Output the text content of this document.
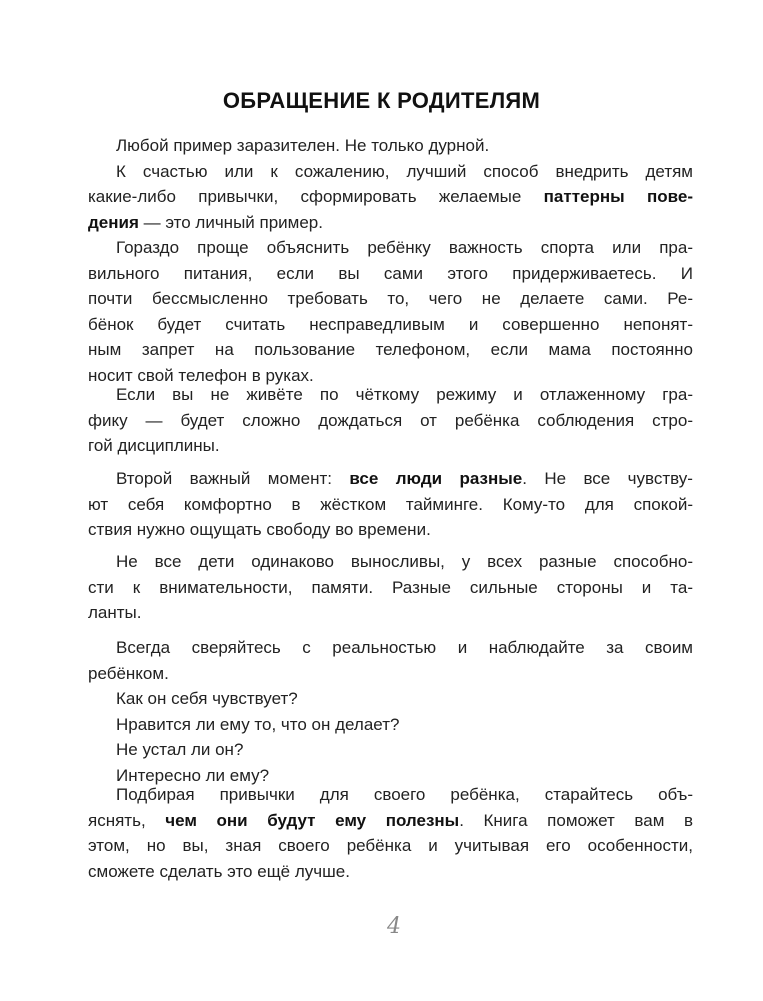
ОБРАЩЕНИЕ К РОДИТЕЛЯМ
Любой пример заразителен. Не только дурной.
К счастью или к сожалению, лучший способ внедрить детям
какие-либо привычки, сформировать желаемые паттерны пове-
дения — это личный пример.
Гораздо проще объяснить ребёнку важность спорта или пра-
вильного питания, если вы сами этого придерживаетесь. И
почти бессмысленно требовать то, чего не делаете сами. Ре-
бёнок будет считать несправедливым и совершенно непонят-
ным запрет на пользование телефоном, если мама постоянно
носит свой телефон в руках.
Если вы не живёте по чёткому режиму и отлаженному гра-
фику — будет сложно дождаться от ребёнка соблюдения стро-
гой дисциплины.
Второй важный момент: все люди разные. Не все чувству-
ют себя комфортно в жёстком тайминге. Кому-то для спокой-
ствия нужно ощущать свободу во времени.
Не все дети одинаково выносливы, у всех разные способно-
сти к внимательности, памяти. Разные сильные стороны и та-
ланты.
Всегда сверяйтесь с реальностью и наблюдайте за своим
ребёнком.
Как он себя чувствует?
Нравится ли ему то, что он делает?
Не устал ли он?
Интересно ли ему?
Подбирая привычки для своего ребёнка, старайтесь объ-
яснять, чем они будут ему полезны. Книга поможет вам в
этом, но вы, зная своего ребёнка и учитывая его особенности,
сможете сделать это ещё лучше.
4
